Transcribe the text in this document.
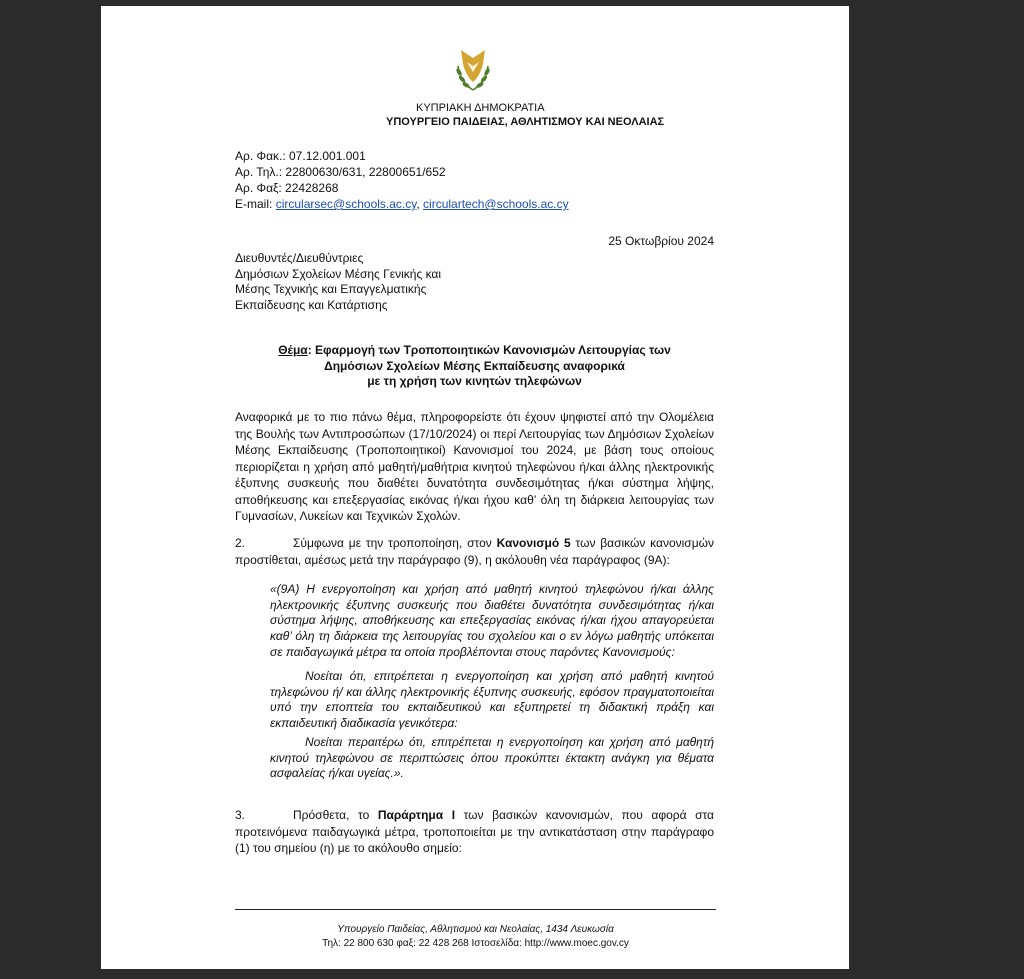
ΚΥΠΡΙΑΚΗ ΔΗΜΟΚΡΑΤΙΑ
ΥΠΟΥΡΓΕΙΟ ΠΑΙΔΕΙΑΣ, ΑΘΛΗΤΙΣΜΟΥ ΚΑΙ ΝΕΟΛΑΙΑΣ
Αρ. Φακ.: 07.12.001.001
Αρ. Τηλ.: 22800630/631, 22800651/652
Αρ. Φαξ: 22428268
E-mail: circularsec@schools.ac.cy, circulartech@schools.ac.cy
25 Οκτωβρίου 2024
Διευθυντές/Διευθύντριες
Δημόσιων Σχολείων Μέσης Γενικής και
Μέσης Τεχνικής και Επαγγελματικής
Εκπαίδευσης και Κατάρτισης
Θέμα: Εφαρμογή των Τροποποιητικών Κανονισμών Λειτουργίας των
Δημόσιων Σχολείων Μέσης Εκπαίδευσης αναφορικά
με τη χρήση των κινητών τηλεφώνων
Αναφορικά με το πιο πάνω θέμα, πληροφορείστε ότι έχουν ψηφιστεί από την Ολομέλεια της Βουλής των Αντιπροσώπων (17/10/2024) οι περί Λειτουργίας των Δημόσιων Σχολείων Μέσης Εκπαίδευσης (Τροποποιητικοί) Κανονισμοί του 2024, με βάση τους οποίους περιορίζεται η χρήση από μαθητή/μαθήτρια κινητού τηλεφώνου ή/και άλλης ηλεκτρονικής έξυπνης συσκευής που διαθέτει δυνατότητα συνδεσιμότητας ή/και σύστημα λήψης, αποθήκευσης και επεξεργασίας εικόνας ή/και ήχου καθ’ όλη τη διάρκεια λειτουργίας των Γυμνασίων, Λυκείων και Τεχνικών Σχολών.
2.	Σύμφωνα με την τροποποίηση, στον Κανονισμό 5 των βασικών κανονισμών προστίθεται, αμέσως μετά την παράγραφο (9), η ακόλουθη νέα παράγραφος (9Α):
«(9Α) Η ενεργοποίηση και χρήση από μαθητή κινητού τηλεφώνου ή/και άλλης ηλεκτρονικής έξυπνης συσκευής που διαθέτει δυνατότητα συνδεσιμότητας ή/και σύστημα λήψης, αποθήκευσης και επεξεργασίας εικόνας ή/και ήχου απαγορεύεται καθ’ όλη τη διάρκεια της λειτουργίας του σχολείου και ο εν λόγω μαθητής υπόκειται σε παιδαγωγικά μέτρα τα οποία προβλέπονται στους παρόντες Κανονισμούς:
Νοείται ότι, επιτρέπεται η ενεργοποίηση και χρήση από μαθητή κινητού τηλεφώνου ή/ και άλλης ηλεκτρονικής έξυπνης συσκευής, εφόσον πραγματοποιείται υπό την εποπτεία του εκπαιδευτικού και εξυπηρετεί τη διδακτική πράξη και εκπαιδευτική διαδικασία γενικότερα:
Νοείται περαιτέρω ότι, επιτρέπεται η ενεργοποίηση και χρήση από μαθητή κινητού τηλεφώνου σε περιπτώσεις όπου προκύπτει έκτακτη ανάγκη για θέματα ασφαλείας ή/και υγείας.».
3.	Πρόσθετα, το Παράρτημα Ι των βασικών κανονισμών, που αφορά στα προτεινόμενα παιδαγωγικά μέτρα, τροποποιείται με την αντικατάσταση στην παράγραφο (1) του σημείου (η) με το ακόλουθο σημείο:
Υπουργείο Παιδείας, Αθλητισμού και Νεολαίας, 1434 Λευκωσία
Τηλ: 22 800 630 φαξ: 22 428 268 Ιστοσελίδα: http://www.moec.gov.cy
